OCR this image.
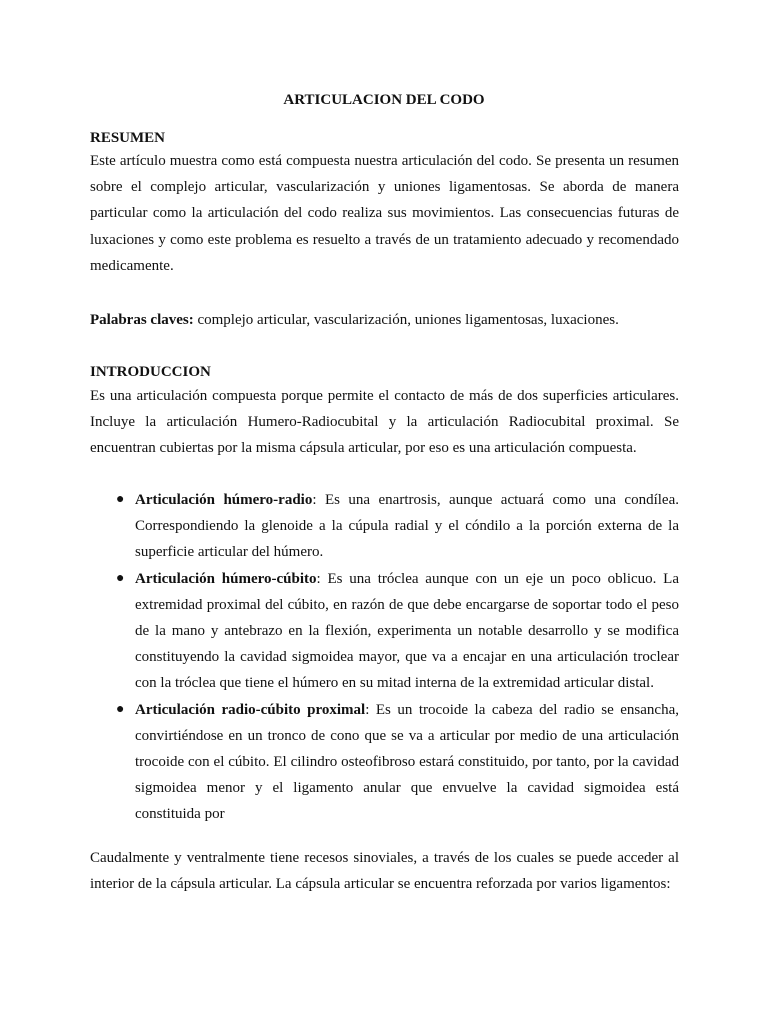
ARTICULACION DEL CODO
RESUMEN

Este artículo muestra como está compuesta nuestra articulación del codo. Se presenta un resumen sobre el complejo articular, vascularización y uniones ligamentosas. Se aborda de manera particular como la articulación del codo realiza sus movimientos. Las consecuencias futuras de luxaciones y como este problema es resuelto a través de un tratamiento adecuado y recomendado medicamente.

Palabras claves: complejo articular, vascularización, uniones ligamentosas, luxaciones.

INTRODUCCION

Es una articulación compuesta porque permite el contacto de más de dos superficies articulares. Incluye la articulación Humero-Radiocubital y la articulación Radiocubital proximal. Se encuentran cubiertas por la misma cápsula articular, por eso es una articulación compuesta.

● Articulación húmero-radio: Es una enartrosis, aunque actuará como una condílea. Correspondiendo la glenoide a la cúpula radial y el cóndilo a la porción externa de la superficie articular del húmero.
● Articulación húmero-cúbito: Es una tróclea aunque con un eje un poco oblicuo. La extremidad proximal del cúbito, en razón de que debe encargarse de soportar todo el peso de la mano y antebrazo en la flexión, experimenta un notable desarrollo y se modifica constituyendo la cavidad sigmoidea mayor, que va a encajar en una articulación troclear con la tróclea que tiene el húmero en su mitad interna de la extremidad articular distal.
● Articulación radio-cúbito proximal: Es un trocoide la cabeza del radio se ensancha, convirtiéndose en un tronco de cono que se va a articular por medio de una articulación trocoide con el cúbito. El cilindro osteofibroso estará constituido, por tanto, por la cavidad sigmoidea menor y el ligamento anular que envuelve la cavidad sigmoidea está constituida por

Caudalmente y ventralmente tiene recesos sinoviales, a través de los cuales se puede acceder al interior de la cápsula articular. La cápsula articular se encuentra reforzada por varios ligamentos:
